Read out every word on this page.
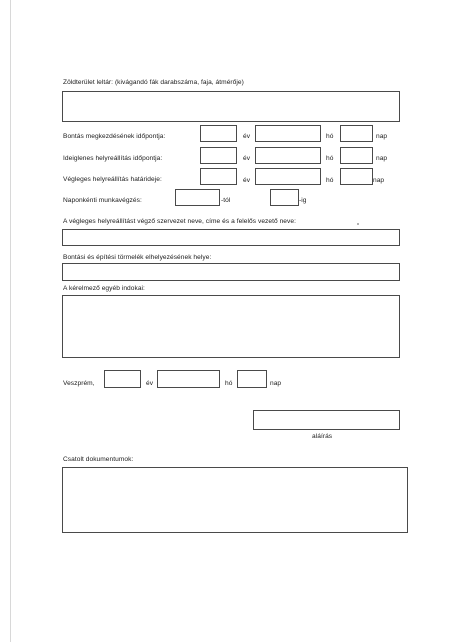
Zöldterület leltár: (kivágandó fák darabszáma, faja, átmérője)
Bontás megkezdésének időpontja:	év	hó	nap
Ideiglenes helyreállítás időpontja:	év	hó	nap
Végleges helyreállítás határideje:	év	hó	nap
Naponkénti munkavégzés:	-tól	-ig
A végleges helyreállítást végző szervezet neve, címe és a felelős vezető neve:
Bontási és építési törmelék elhelyezésének helye:
A kérelmező egyéb indokai:
Veszprém,	év	hó	nap
aláírás
Csatolt dokumentumok:
